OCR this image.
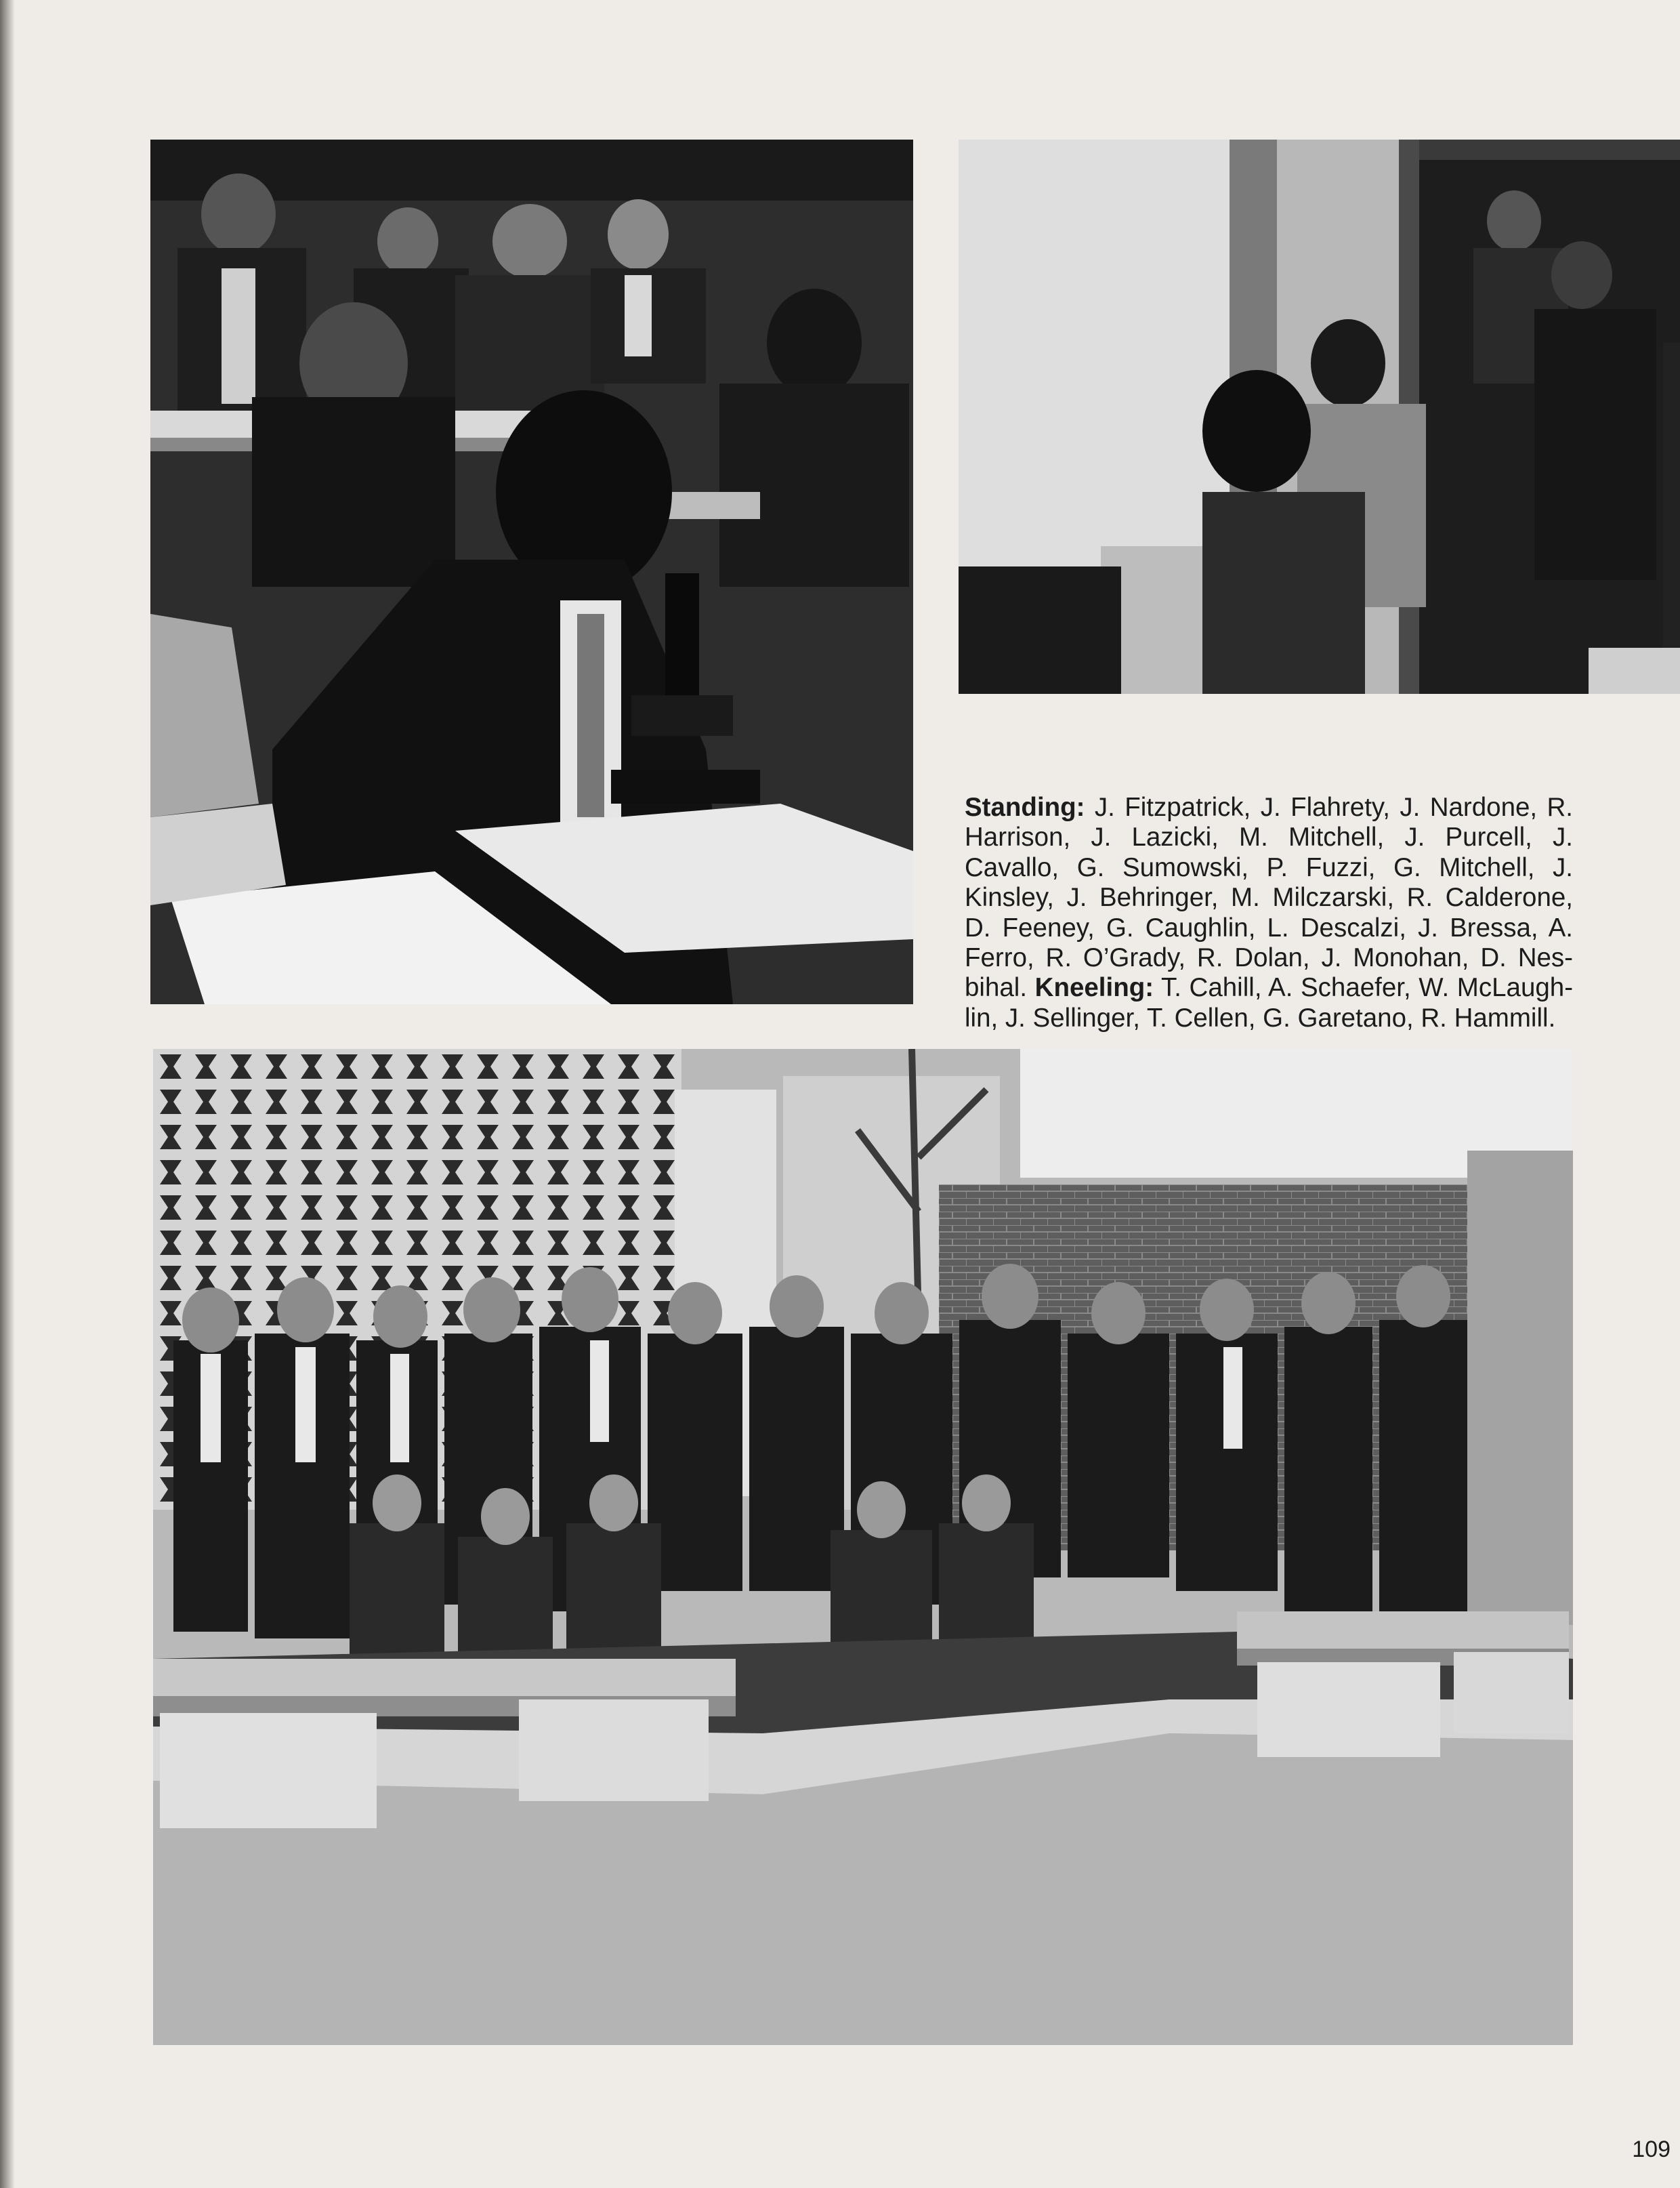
Standing: J. Fitzpatrick, J. Flahrety, J. Nardone, R. Harrison, J. Lazicki, M. Mitchell, J. Purcell, J. Cavallo, G. Sumowski, P. Fuzzi, G. Mitchell, J. Kinsley, J. Behringer, M. Milczarski, R. Calderone, D. Feeney, G. Caughlin, L. Descalzi, J. Bressa, A. Ferro, R. O’Grady, R. Dolan, J. Monohan, D. Nesbihal. Kneeling: T. Cahill, A. Schaefer, W. McLaughlin, J. Sellinger, T. Cellen, G. Garetano, R. Hammill.
109
